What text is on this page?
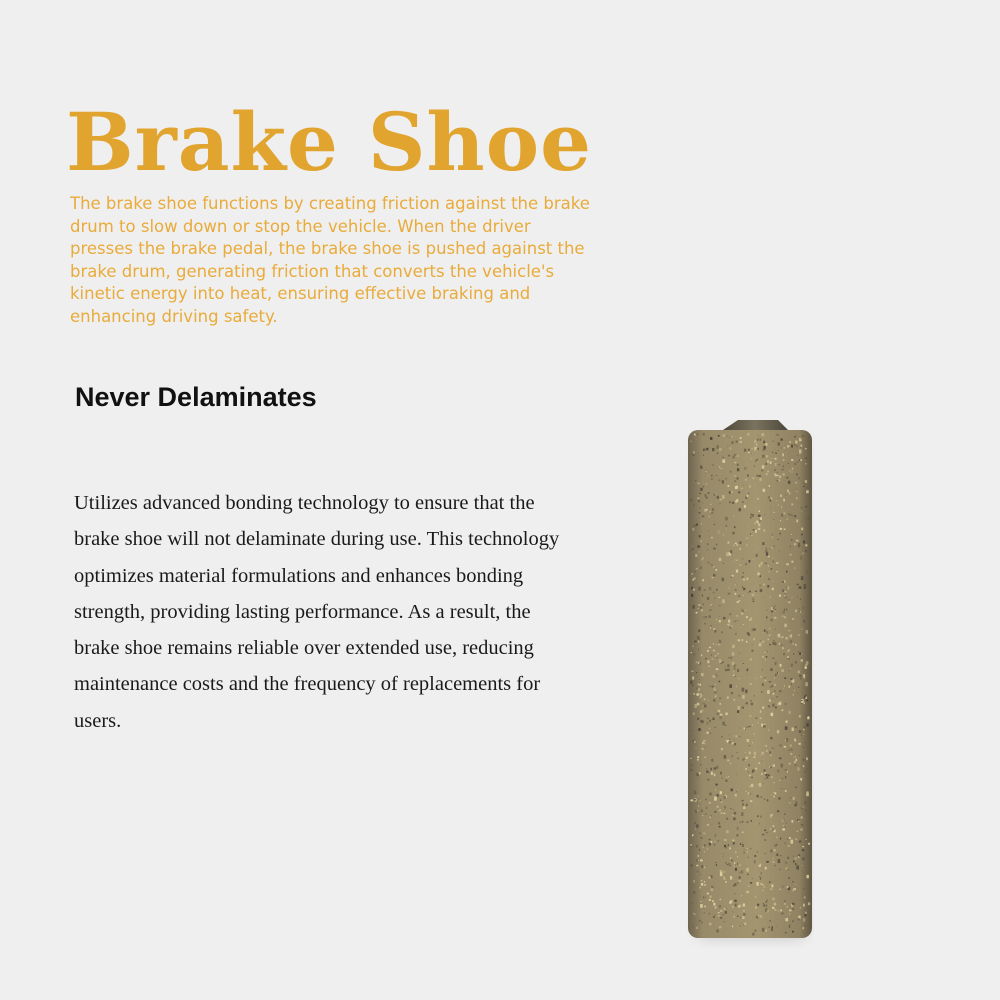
Brake Shoe

The brake shoe functions by creating friction against the brake drum to slow down or stop the vehicle. When the driver presses the brake pedal, the brake shoe is pushed against the brake drum, generating friction that converts the vehicle's kinetic energy into heat, ensuring effective braking and enhancing driving safety.

Never Delaminates

Utilizes advanced bonding technology to ensure that the brake shoe will not delaminate during use. This technology optimizes material formulations and enhances bonding strength, providing lasting performance. As a result, the brake shoe remains reliable over extended use, reducing maintenance costs and the frequency of replacements for users.
